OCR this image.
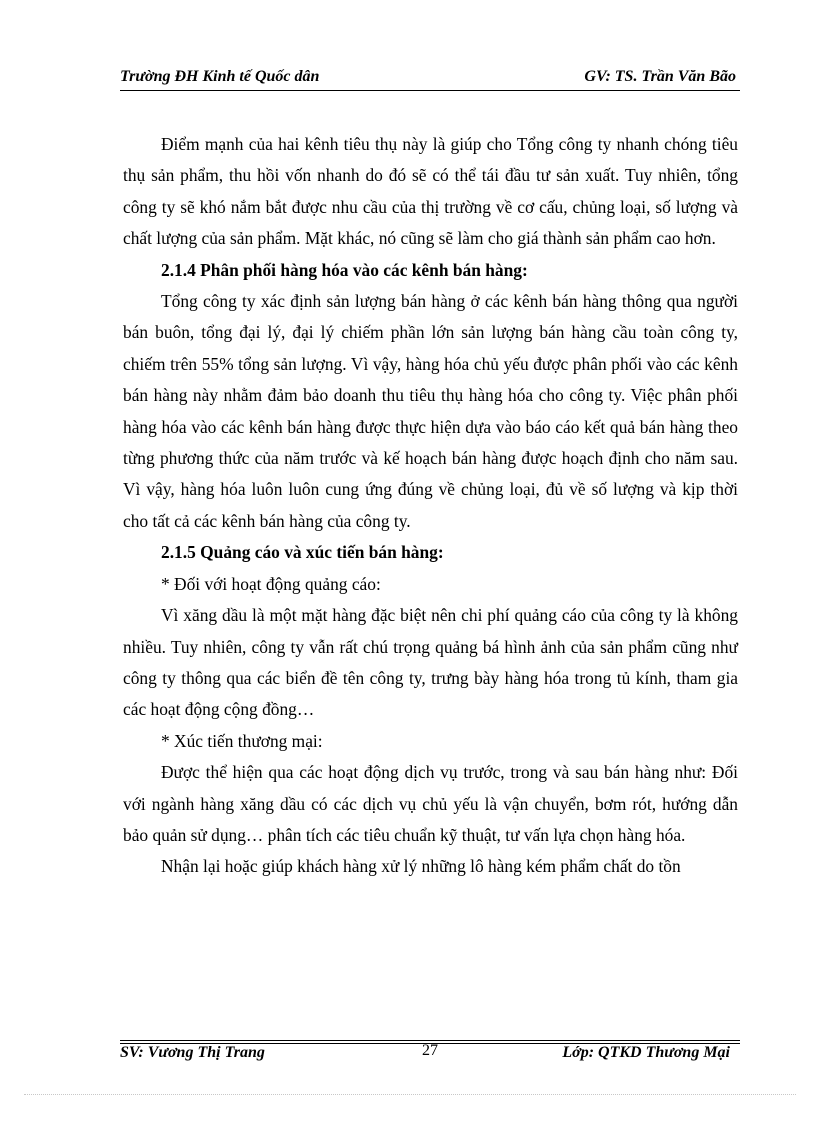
Trường ĐH Kinh tế Quốc dân	GV: TS. Trần Văn Bão

Điểm mạnh của hai kênh tiêu thụ này là giúp cho Tổng công ty nhanh chóng tiêu thụ sản phẩm, thu hồi vốn nhanh do đó sẽ có thể tái đầu tư sản xuất. Tuy nhiên, tổng công ty sẽ khó nắm bắt được nhu cầu của thị trường về cơ cấu, chủng loại, số lượng và chất lượng của sản phẩm. Mặt khác, nó cũng sẽ làm cho giá thành sản phẩm cao hơn.

2.1.4 Phân phối hàng hóa vào các kênh bán hàng:

Tổng công ty xác định sản lượng bán hàng ở các kênh bán hàng thông qua người bán buôn, tổng đại lý, đại lý chiếm phần lớn sản lượng bán hàng cầu toàn công ty, chiếm trên 55% tổng sản lượng. Vì vậy, hàng hóa chủ yếu được phân phối vào các kênh bán hàng này nhằm đảm bảo doanh thu tiêu thụ hàng hóa cho công ty. Việc phân phối hàng hóa vào các kênh bán hàng được thực hiện dựa vào báo cáo kết quả bán hàng theo từng phương thức của năm trước và kế hoạch bán hàng được hoạch định cho năm sau. Vì vậy, hàng hóa luôn luôn cung ứng đúng về chủng loại, đủ về số lượng và kịp thời cho tất cả các kênh bán hàng của công ty.

2.1.5 Quảng cáo và xúc tiến bán hàng:

* Đối với hoạt động quảng cáo:

Vì xăng dầu là một mặt hàng đặc biệt nên chi phí quảng cáo của công ty là không nhiều. Tuy nhiên, công ty vẫn rất chú trọng quảng bá hình ảnh của sản phẩm cũng như công ty thông qua các biển đề tên công ty, trưng bày hàng hóa trong tủ kính, tham gia các hoạt động cộng đồng…

* Xúc tiến thương mại:

Được thể hiện qua các hoạt động dịch vụ trước, trong và sau bán hàng như: Đối với ngành hàng xăng dầu có các dịch vụ chủ yếu là vận chuyển, bơm rót, hướng dẫn bảo quản sử dụng… phân tích các tiêu chuẩn kỹ thuật, tư vấn lựa chọn hàng hóa.

Nhận lại hoặc giúp khách hàng xử lý những lô hàng kém phẩm chất do tồn

SV: Vương Thị Trang	27	Lớp: QTKD Thương Mại
